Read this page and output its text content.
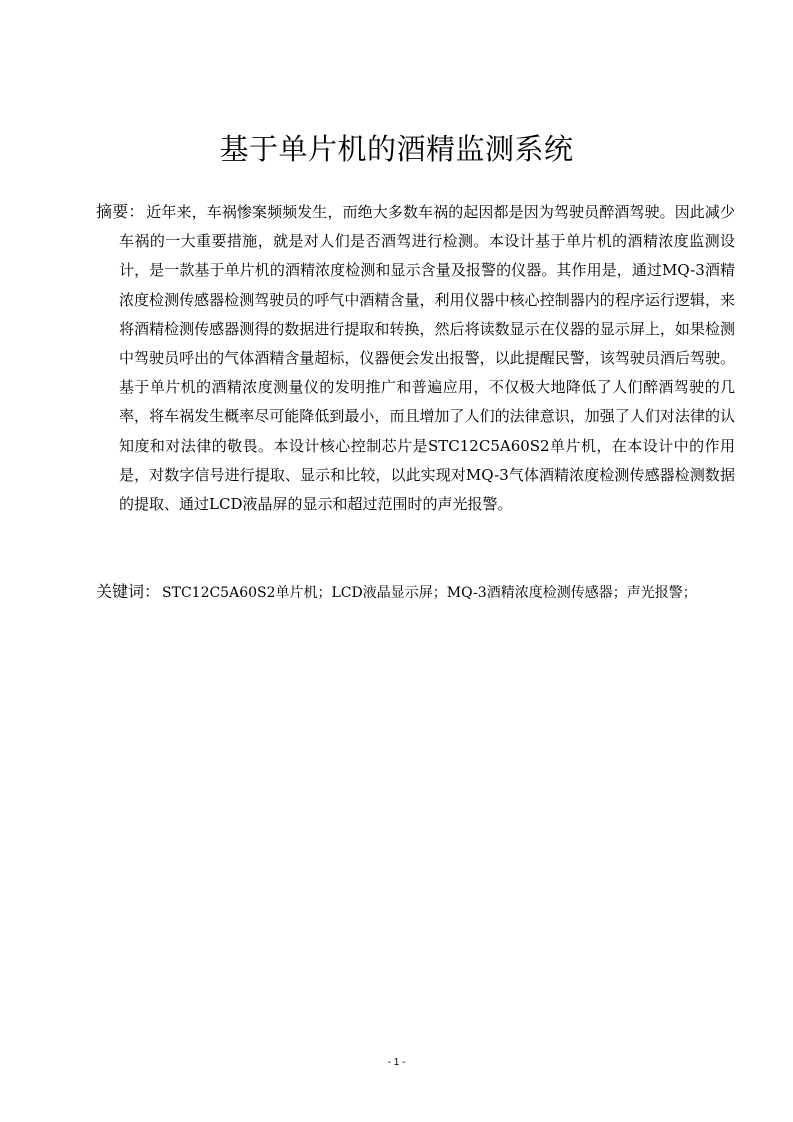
基于单片机的酒精监测系统
摘要： 近年来，车祸惨案频频发生，而绝大多数车祸的起因都是因为驾驶员醉酒驾驶。因此减少车祸的一大重要措施，就是对人们是否酒驾进行检测。本设计基于单片机的酒精浓度监测设计，是一款基于单片机的酒精浓度检测和显示含量及报警的仪器。其作用是，通过MQ-3酒精浓度检测传感器检测驾驶员的呼气中酒精含量，利用仪器中核心控制器内的程序运行逻辑，来将酒精检测传感器测得的数据进行提取和转换，然后将读数显示在仪器的显示屏上，如果检测中驾驶员呼出的气体酒精含量超标，仪器便会发出报警，以此提醒民警，该驾驶员酒后驾驶。基于单片机的酒精浓度测量仪的发明推广和普遍应用，不仅极大地降低了人们醉酒驾驶的几率，将车祸发生概率尽可能降低到最小，而且增加了人们的法律意识，加强了人们对法律的认知度和对法律的敬畏。本设计核心控制芯片是STC12C5A60S2单片机，在本设计中的作用是，对数字信号进行提取、显示和比较，以此实现对MQ-3气体酒精浓度检测传感器检测数据的提取、通过LCD液晶屏的显示和超过范围时的声光报警。
关键词： STC12C5A60S2单片机；LCD液晶显示屏；MQ-3酒精浓度检测传感器；声光报警；
- 1 -
